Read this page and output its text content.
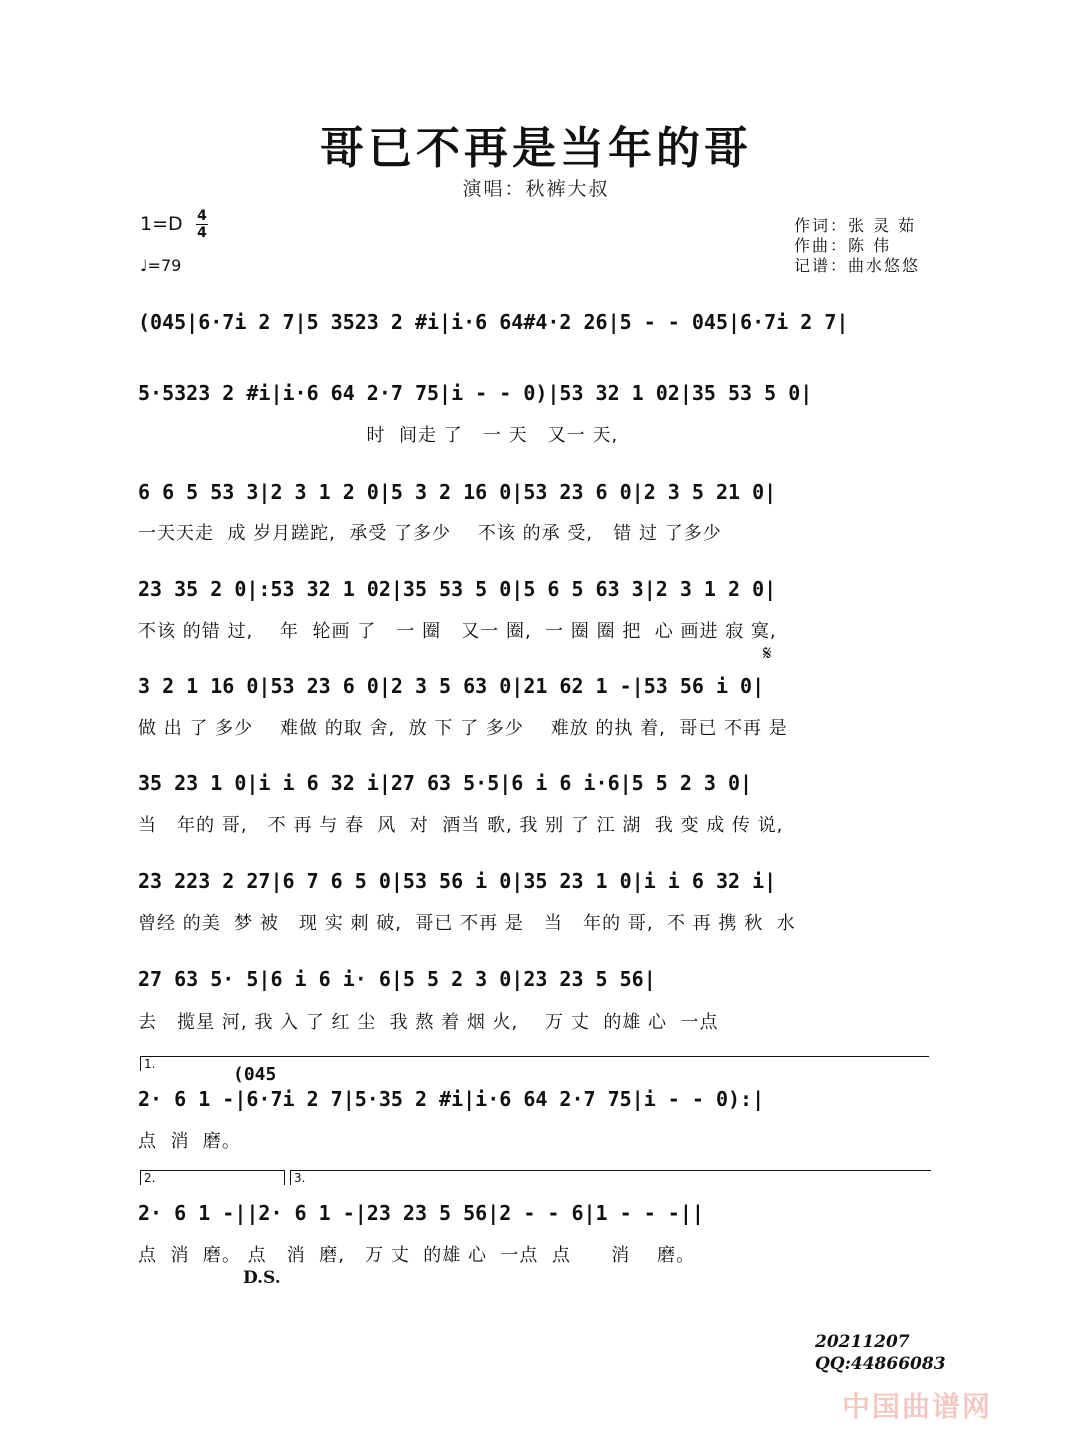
哥已不再是当年的哥
演唱：秋裤大叔
1=D 4
4
♩=79
作词：张 灵 茹
作曲：陈 伟
记谱：曲水悠悠
(045|6·7i 2 7|5 3523 2 #i|i·6 64#4·2 26|5 - - 045|6·7i 2 7|
5·5323 2 #i|i·6 64 2·7 75|i - - 0)|53 32 1 02|35 53 5 0|
时  间走 了   一 天   又一 天,
6 6 5 53 3|2 3 1 2 0|5 3 2 16 0|53 23 6 0|2 3 5 21 0|
一天天走  成 岁月蹉跎,  承受 了多少    不该 的承 受,   错 过 了多少
23 35 2 0|:53 32 1 02|35 53 5 0|5 6 5 63 3|2 3 1 2 0|
不该 的错 过,    年  轮画 了   一 圈   又一 圈,  一 圈 圈 把  心 画进 寂 寞,
𝄋
3 2 1 16 0|53 23 6 0|2 3 5 63 0|21 62 1 -|53 56 i 0|
做 出 了 多少    难做 的取 舍,  放 下 了 多少    难放 的执 着,  哥已 不再 是
35 23 1 0|i i 6 32 i|27 63 5·5|6 i 6 i·6|5 5 2 3 0|
当   年的 哥,   不 再 与 春  风  对  酒当 歌, 我 别 了 江 湖  我 变 成 传 说,
23 223 2 27|6 7 6 5 0|53 56 i 0|35 23 1 0|i i 6 32 i|
曾经 的美  梦 被   现 实 刺 破,  哥已 不再 是   当   年的 哥,  不 再 携 秋  水
27 63 5· 5|6 i 6 i· 6|5 5 2 3 0|23 23 5 56|
去   揽星 河, 我 入 了 红 尘  我 熬 着 烟 火,    万 丈  的雄 心  一点
1.	(045
2· 6 1 -|6·7i 2 7|5·35 2 #i|i·6 64 2·7 75|i - - 0):|
点  消  磨。
2.	3.
2· 6 1 -||2· 6 1 -|23 23 5 56|2 - - 6|1 - - -||
点  消  磨。 点   消  磨,   万 丈  的雄 心  一点  点      消    磨。
D.S.
20211207
QQ:44866083
中国曲谱网
